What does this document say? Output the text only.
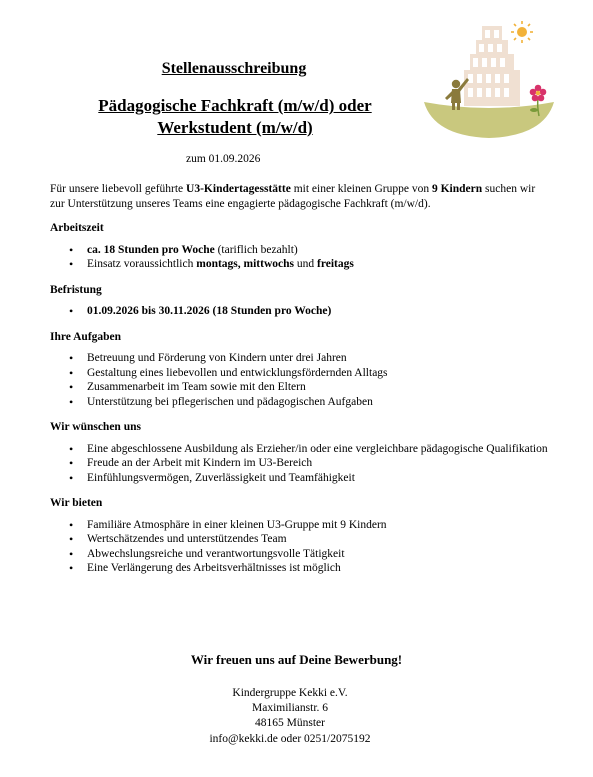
Stellenausschreibung
Pädagogische Fachkraft (m/w/d) oder Werkstudent (m/w/d)
zum 01.09.2026

Für unsere liebevoll geführte U3-Kindertagesstätte mit einer kleinen Gruppe von 9 Kindern suchen wir zur Unterstützung unseres Teams eine engagierte pädagogische Fachkraft (m/w/d).

Arbeitszeit
• ca. 18 Stunden pro Woche (tariflich bezahlt)
• Einsatz voraussichtlich montags, mittwochs und freitags
Befristung
• 01.09.2026 bis 30.11.2026 (18 Stunden pro Woche)
Ihre Aufgaben
• Betreuung und Förderung von Kindern unter drei Jahren
• Gestaltung eines liebevollen und entwicklungsfördernden Alltags
• Zusammenarbeit im Team sowie mit den Eltern
• Unterstützung bei pflegerischen und pädagogischen Aufgaben
Wir wünschen uns
• Eine abgeschlossene Ausbildung als Erzieher/in oder eine vergleichbare pädagogische Qualifikation
• Freude an der Arbeit mit Kindern im U3-Bereich
• Einfühlungsvermögen, Zuverlässigkeit und Teamfähigkeit
Wir bieten
• Familiäre Atmosphäre in einer kleinen U3-Gruppe mit 9 Kindern
• Wertschätzendes und unterstützendes Team
• Abwechslungsreiche und verantwortungsvolle Tätigkeit
• Eine Verlängerung des Arbeitsverhältnisses ist möglich
Wir freuen uns auf Deine Bewerbung!
Kindergruppe Kekki e.V.
Maximilianstr. 6
48165 Münster
info@kekki.de oder 0251/2075192
